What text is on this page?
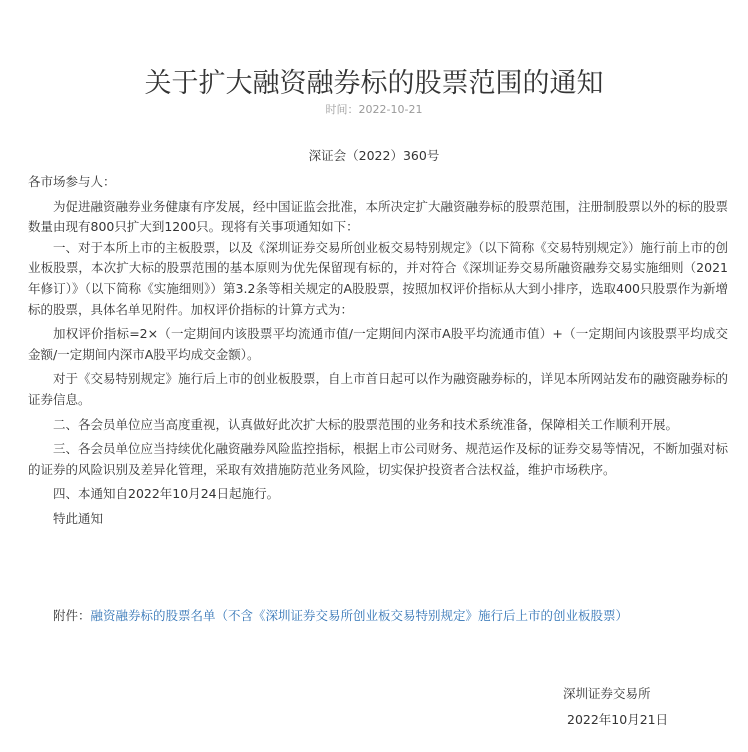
关于扩大融资融券标的股票范围的通知
时间：2022-10-21
深证会（2022）360号

各市场参与人：

为促进融资融券业务健康有序发展，经中国证监会批准，本所决定扩大融资融券标的股票范围，注册制股票以外的标的股票数量由现有800只扩大到1200只。现将有关事项通知如下：

一、对于本所上市的主板股票，以及《深圳证券交易所创业板交易特别规定》（以下简称《交易特别规定》）施行前上市的创业板股票，本次扩大标的股票范围的基本原则为优先保留现有标的，并对符合《深圳证券交易所融资融券交易实施细则（2021年修订）》（以下简称《实施细则》）第3.2条等相关规定的A股股票，按照加权评价指标从大到小排序，选取400只股票作为新增标的股票，具体名单见附件。加权评价指标的计算方式为：

加权评价指标=2×（一定期间内该股票平均流通市值/一定期间内深市A股平均流通市值）+（一定期间内该股票平均成交金额/一定期间内深市A股平均成交金额）。

对于《交易特别规定》施行后上市的创业板股票，自上市首日起可以作为融资融券标的，详见本所网站发布的融资融券标的证券信息。

二、各会员单位应当高度重视，认真做好此次扩大标的股票范围的业务和技术系统准备，保障相关工作顺利开展。

三、各会员单位应当持续优化融资融券风险监控指标，根据上市公司财务、规范运作及标的证券交易等情况，不断加强对标的证券的风险识别及差异化管理，采取有效措施防范业务风险，切实保护投资者合法权益，维护市场秩序。

四、本通知自2022年10月24日起施行。

特此通知

附件：融资融券标的股票名单（不含《深圳证券交易所创业板交易特别规定》施行后上市的创业板股票）
深圳证券交易所
2022年10月21日
